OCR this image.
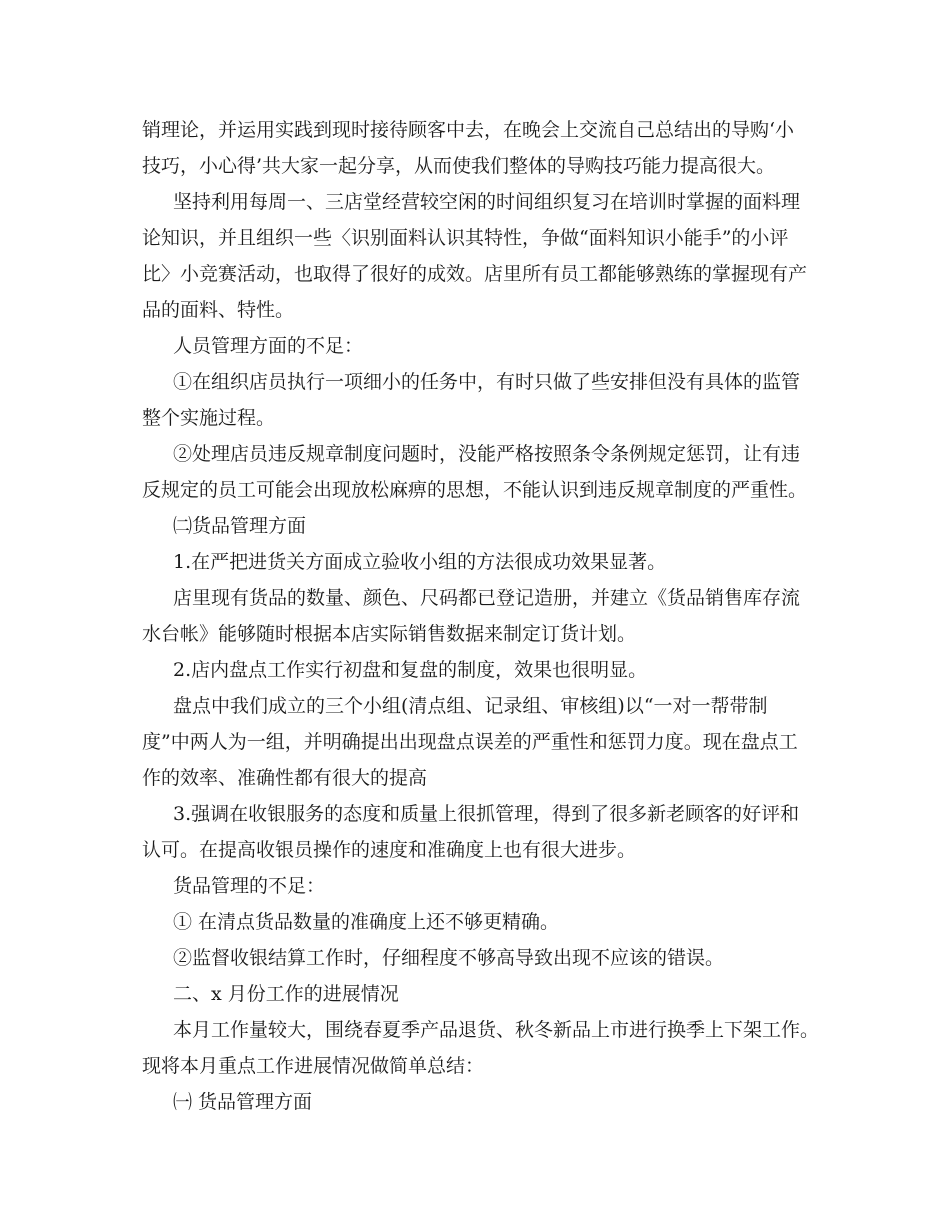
销理论，并运用实践到现时接待顾客中去，在晚会上交流自己总结出的导购‘小
技巧，小心得’共大家一起分享，从而使我们整体的导购技巧能力提高很大。
坚持利用每周一、三店堂经营较空闲的时间组织复习在培训时掌握的面料理
论知识，并且组织一些〈识别面料认识其特性，争做“面料知识小能手”的小评
比〉小竞赛活动，也取得了很好的成效。店里所有员工都能够熟练的掌握现有产
品的面料、特性。
人员管理方面的不足：
①在组织店员执行一项细小的任务中，有时只做了些安排但没有具体的监管
整个实施过程。
②处理店员违反规章制度问题时，没能严格按照条令条例规定惩罚，让有违
反规定的员工可能会出现放松麻痹的思想，不能认识到违反规章制度的严重性。
㈡货品管理方面
1.在严把进货关方面成立验收小组的方法很成功效果显著。
店里现有货品的数量、颜色、尺码都已登记造册，并建立《货品销售库存流
水台帐》能够随时根据本店实际销售数据来制定订货计划。
2.店内盘点工作实行初盘和复盘的制度，效果也很明显。
盘点中我们成立的三个小组(清点组、记录组、审核组)以“一对一帮带制
度”中两人为一组，并明确提出出现盘点误差的严重性和惩罚力度。现在盘点工
作的效率、准确性都有很大的提高
3.强调在收银服务的态度和质量上很抓管理，得到了很多新老顾客的好评和
认可。在提高收银员操作的速度和准确度上也有很大进步。
货品管理的不足：
① 在清点货品数量的准确度上还不够更精确。
②监督收银结算工作时，仔细程度不够高导致出现不应该的错误。
二、x 月份工作的进展情况
本月工作量较大，围绕春夏季产品退货、秋冬新品上市进行换季上下架工作。
现将本月重点工作进展情况做简单总结：
㈠ 货品管理方面
